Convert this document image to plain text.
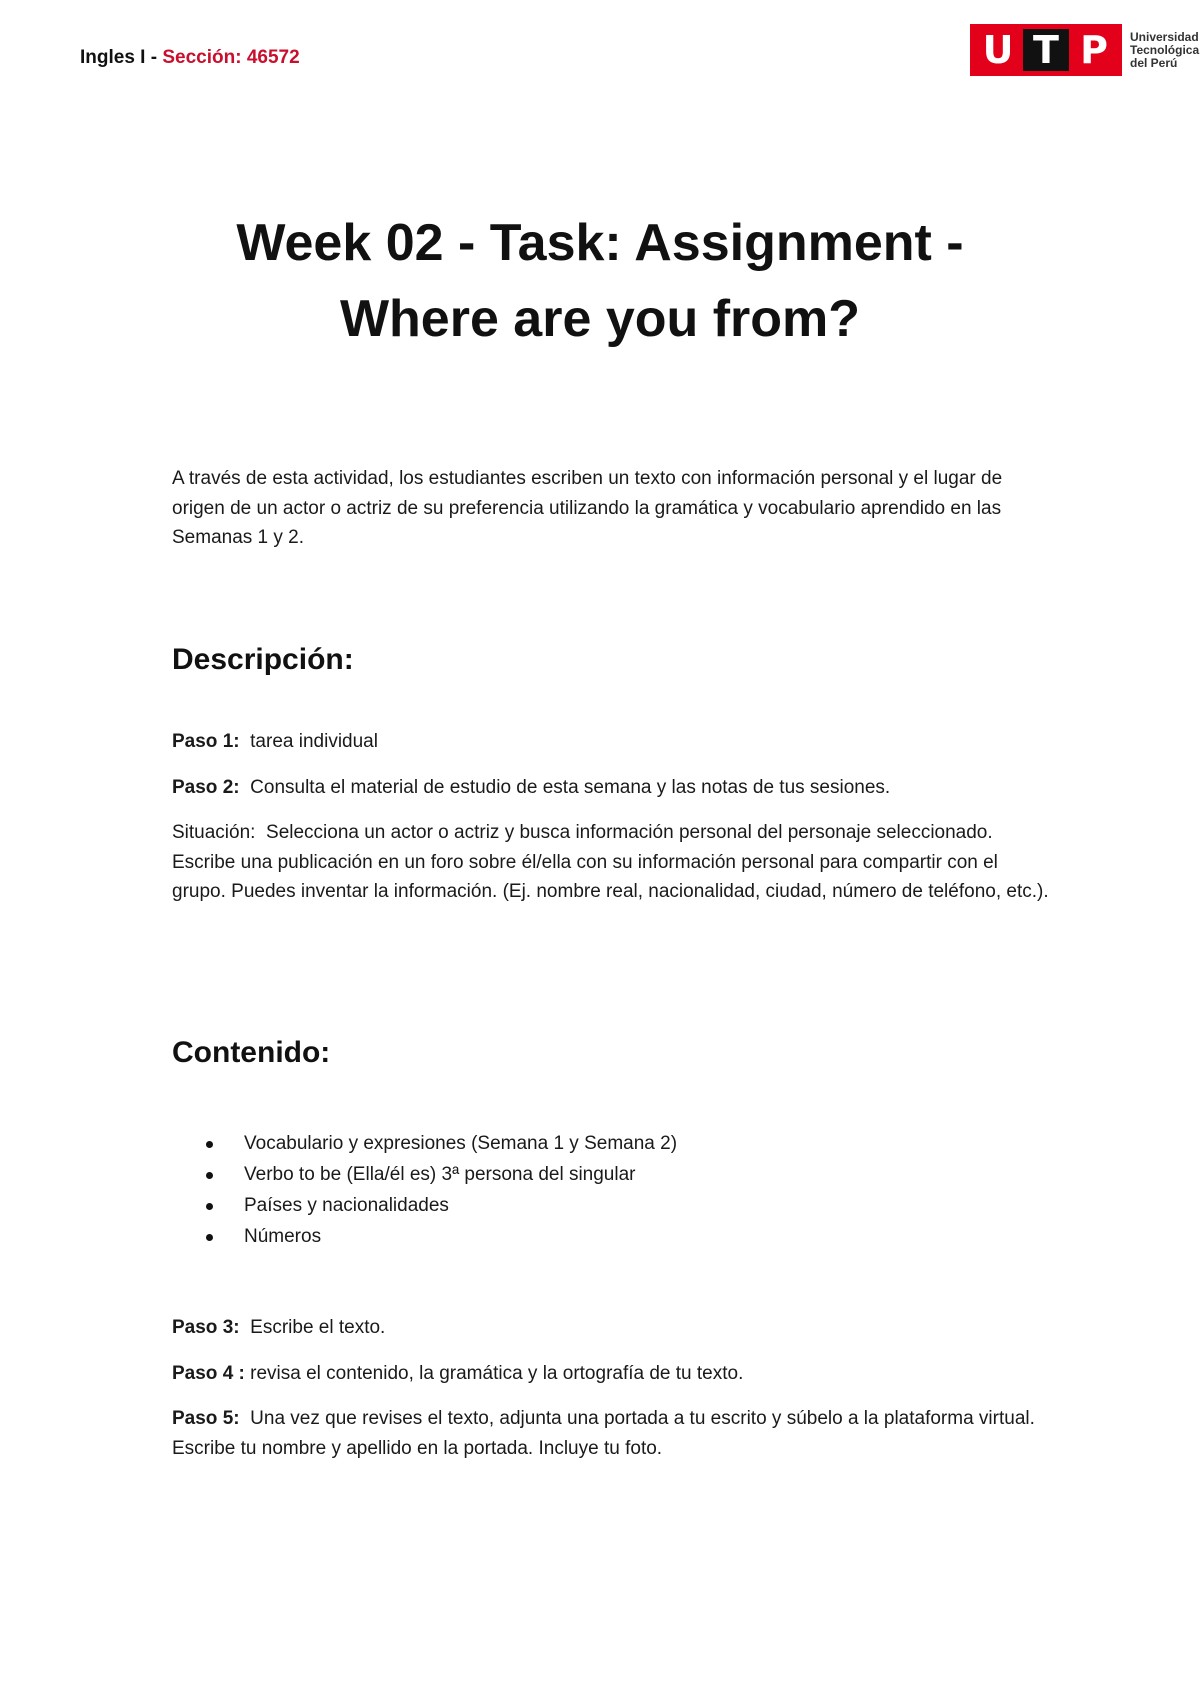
Ingles I - Sección: 46572	U T P	Universidad
Tecnológica
del Perú
Week 02 - Task: Assignment -
Where are you from?
A través de esta actividad, los estudiantes escriben un texto con información personal y el lugar de origen de un actor o actriz de su preferencia utilizando la gramática y vocabulario aprendido en las Semanas 1 y 2.
Descripción:

Paso 1: tarea individual

Paso 2: Consulta el material de estudio de esta semana y las notas de tus sesiones.

Situación: Selecciona un actor o actriz y busca información personal del personaje seleccionado. Escribe una publicación en un foro sobre él/ella con su información personal para compartir con el grupo. Puedes inventar la información. (Ej. nombre real, nacionalidad, ciudad, número de teléfono, etc.).

Contenido:
Vocabulario y expresiones (Semana 1 y Semana 2)
Verbo to be (Ella/él es) 3ª persona del singular
Países y nacionalidades
Números

Paso 3: Escribe el texto.

Paso 4 : revisa el contenido, la gramática y la ortografía de tu texto.

Paso 5: Una vez que revises el texto, adjunta una portada a tu escrito y súbelo a la plataforma virtual. Escribe tu nombre y apellido en la portada. Incluye tu foto.
